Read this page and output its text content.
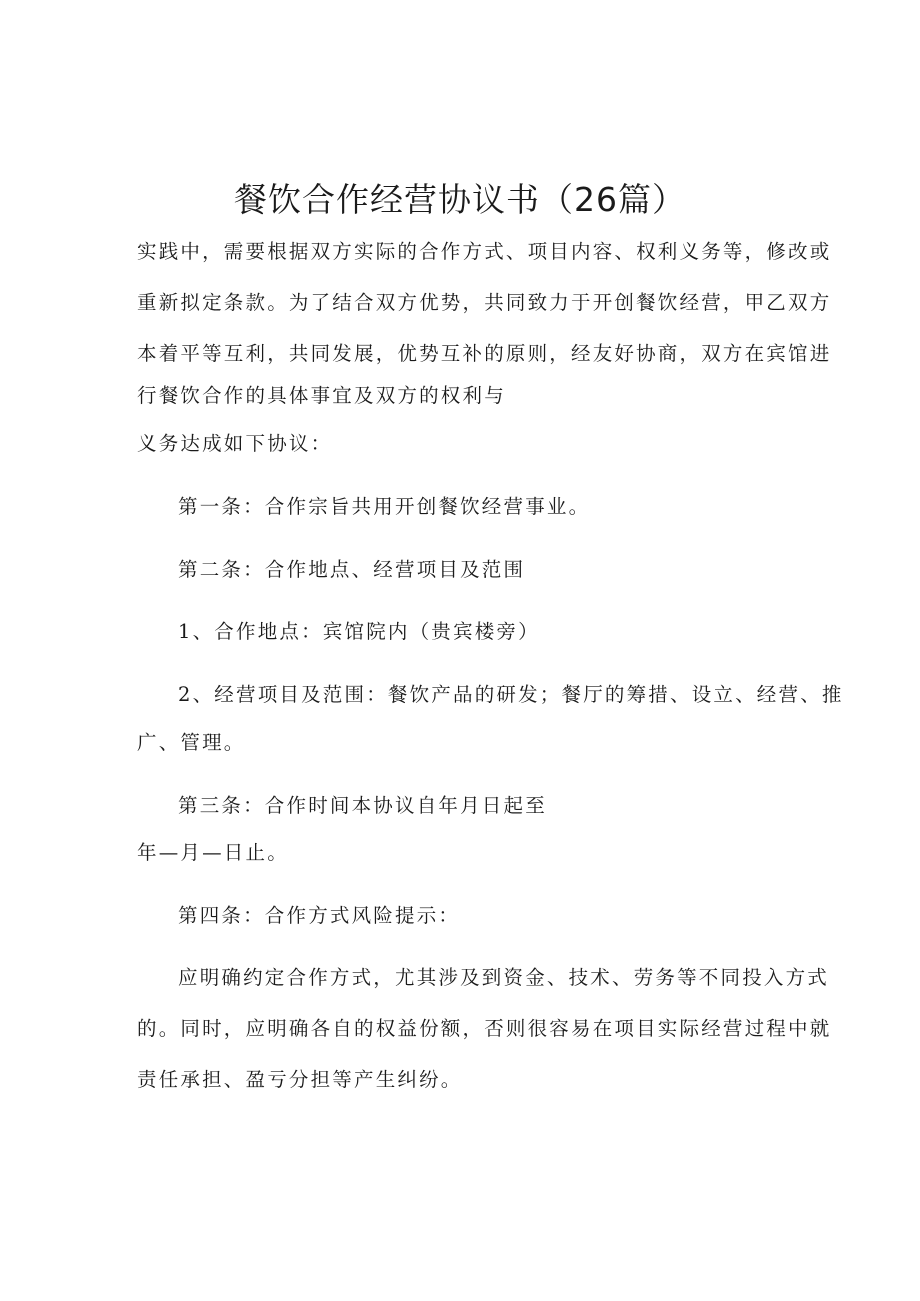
餐饮合作经营协议书（26篇）

实践中，需要根据双方实际的合作方式、项目内容、权利义务等，修改或

重新拟定条款。为了结合双方优势，共同致力于开创餐饮经营，甲乙双方

本着平等互利，共同发展，优势互补的原则，经友好协商，双方在宾馆进

行餐饮合作的具体事宜及双方的权利与

义务达成如下协议：

第一条：合作宗旨共用开创餐饮经营事业。

第二条：合作地点、经营项目及范围

1、合作地点：宾馆院内（贵宾楼旁）

2、经营项目及范围：餐饮产品的研发；餐厅的筹措、设立、经营、推

广、管理。

第三条：合作时间本协议自年月日起至

年—月—日止。

第四条：合作方式风险提示：

应明确约定合作方式，尤其涉及到资金、技术、劳务等不同投入方式

的。同时，应明确各自的权益份额，否则很容易在项目实际经营过程中就

责任承担、盈亏分担等产生纠纷。
